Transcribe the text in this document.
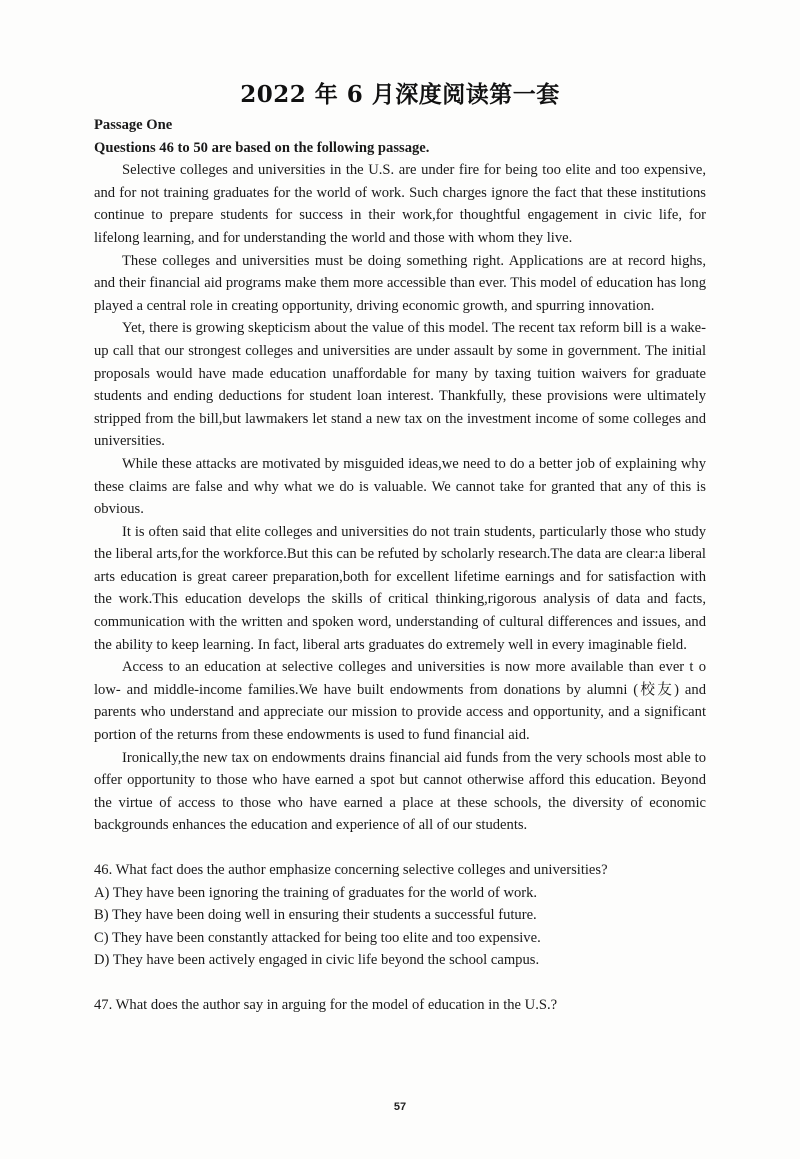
2022 年 6 月深度阅读第一套

Passage One

Questions 46 to 50 are based on the following passage.

Selective colleges and universities in the U.S. are under fire for being too elite and too expensive, and for not training graduates for the world of work. Such charges ignore the fact that these institutions continue to prepare students for success in their work,for thoughtful engagement in civic life, for lifelong learning, and for understanding the world and those with whom they live.

These colleges and universities must be doing something right. Applications are at record highs, and their financial aid programs make them more accessible than ever. This model of education has long played a central role in creating opportunity, driving economic growth, and spurring innovation.

Yet, there is growing skepticism about the value of this model. The recent tax reform bill is a wake-up call that our strongest colleges and universities are under assault by some in government. The initial proposals would have made education unaffordable for many by taxing tuition waivers for graduate students and ending deductions for student loan interest. Thankfully, these provisions were ultimately stripped from the bill,but lawmakers let stand a new tax on the investment income of some colleges and universities.

While these attacks are motivated by misguided ideas,we need to do a better job of explaining why these claims are false and why what we do is valuable. We cannot take for granted that any of this is obvious.

It is often said that elite colleges and universities do not train students, particularly those who study the liberal arts,for the workforce.But this can be refuted by scholarly research.The data are clear:a liberal arts education is great career preparation,both for excellent lifetime earnings and for satisfaction with the work.This education develops the skills of critical thinking,rigorous analysis of data and facts, communication with the written and spoken word, understanding of cultural differences and issues, and the ability to keep learning. In fact, liberal arts graduates do extremely well in every imaginable field.

Access to an education at selective colleges and universities is now more available than ever t o low- and middle-income families.We have built endowments from donations by alumni (校友) and parents who understand and appreciate our mission to provide access and opportunity, and a significant portion of the returns from these endowments is used to fund financial aid.

Ironically,the new tax on endowments drains financial aid funds from the very schools most able to offer opportunity to those who have earned a spot but cannot otherwise afford this education. Beyond the virtue of access to those who have earned a place at these schools, the diversity of economic backgrounds enhances the education and experience of all of our students.

46. What fact does the author emphasize concerning selective colleges and universities?

A) They have been ignoring the training of graduates for the world of work.

B) They have been doing well in ensuring their students a successful future.

C) They have been constantly attacked for being too elite and too expensive.

D) They have been actively engaged in civic life beyond the school campus.

47. What does the author say in arguing for the model of education in the U.S.?

57
